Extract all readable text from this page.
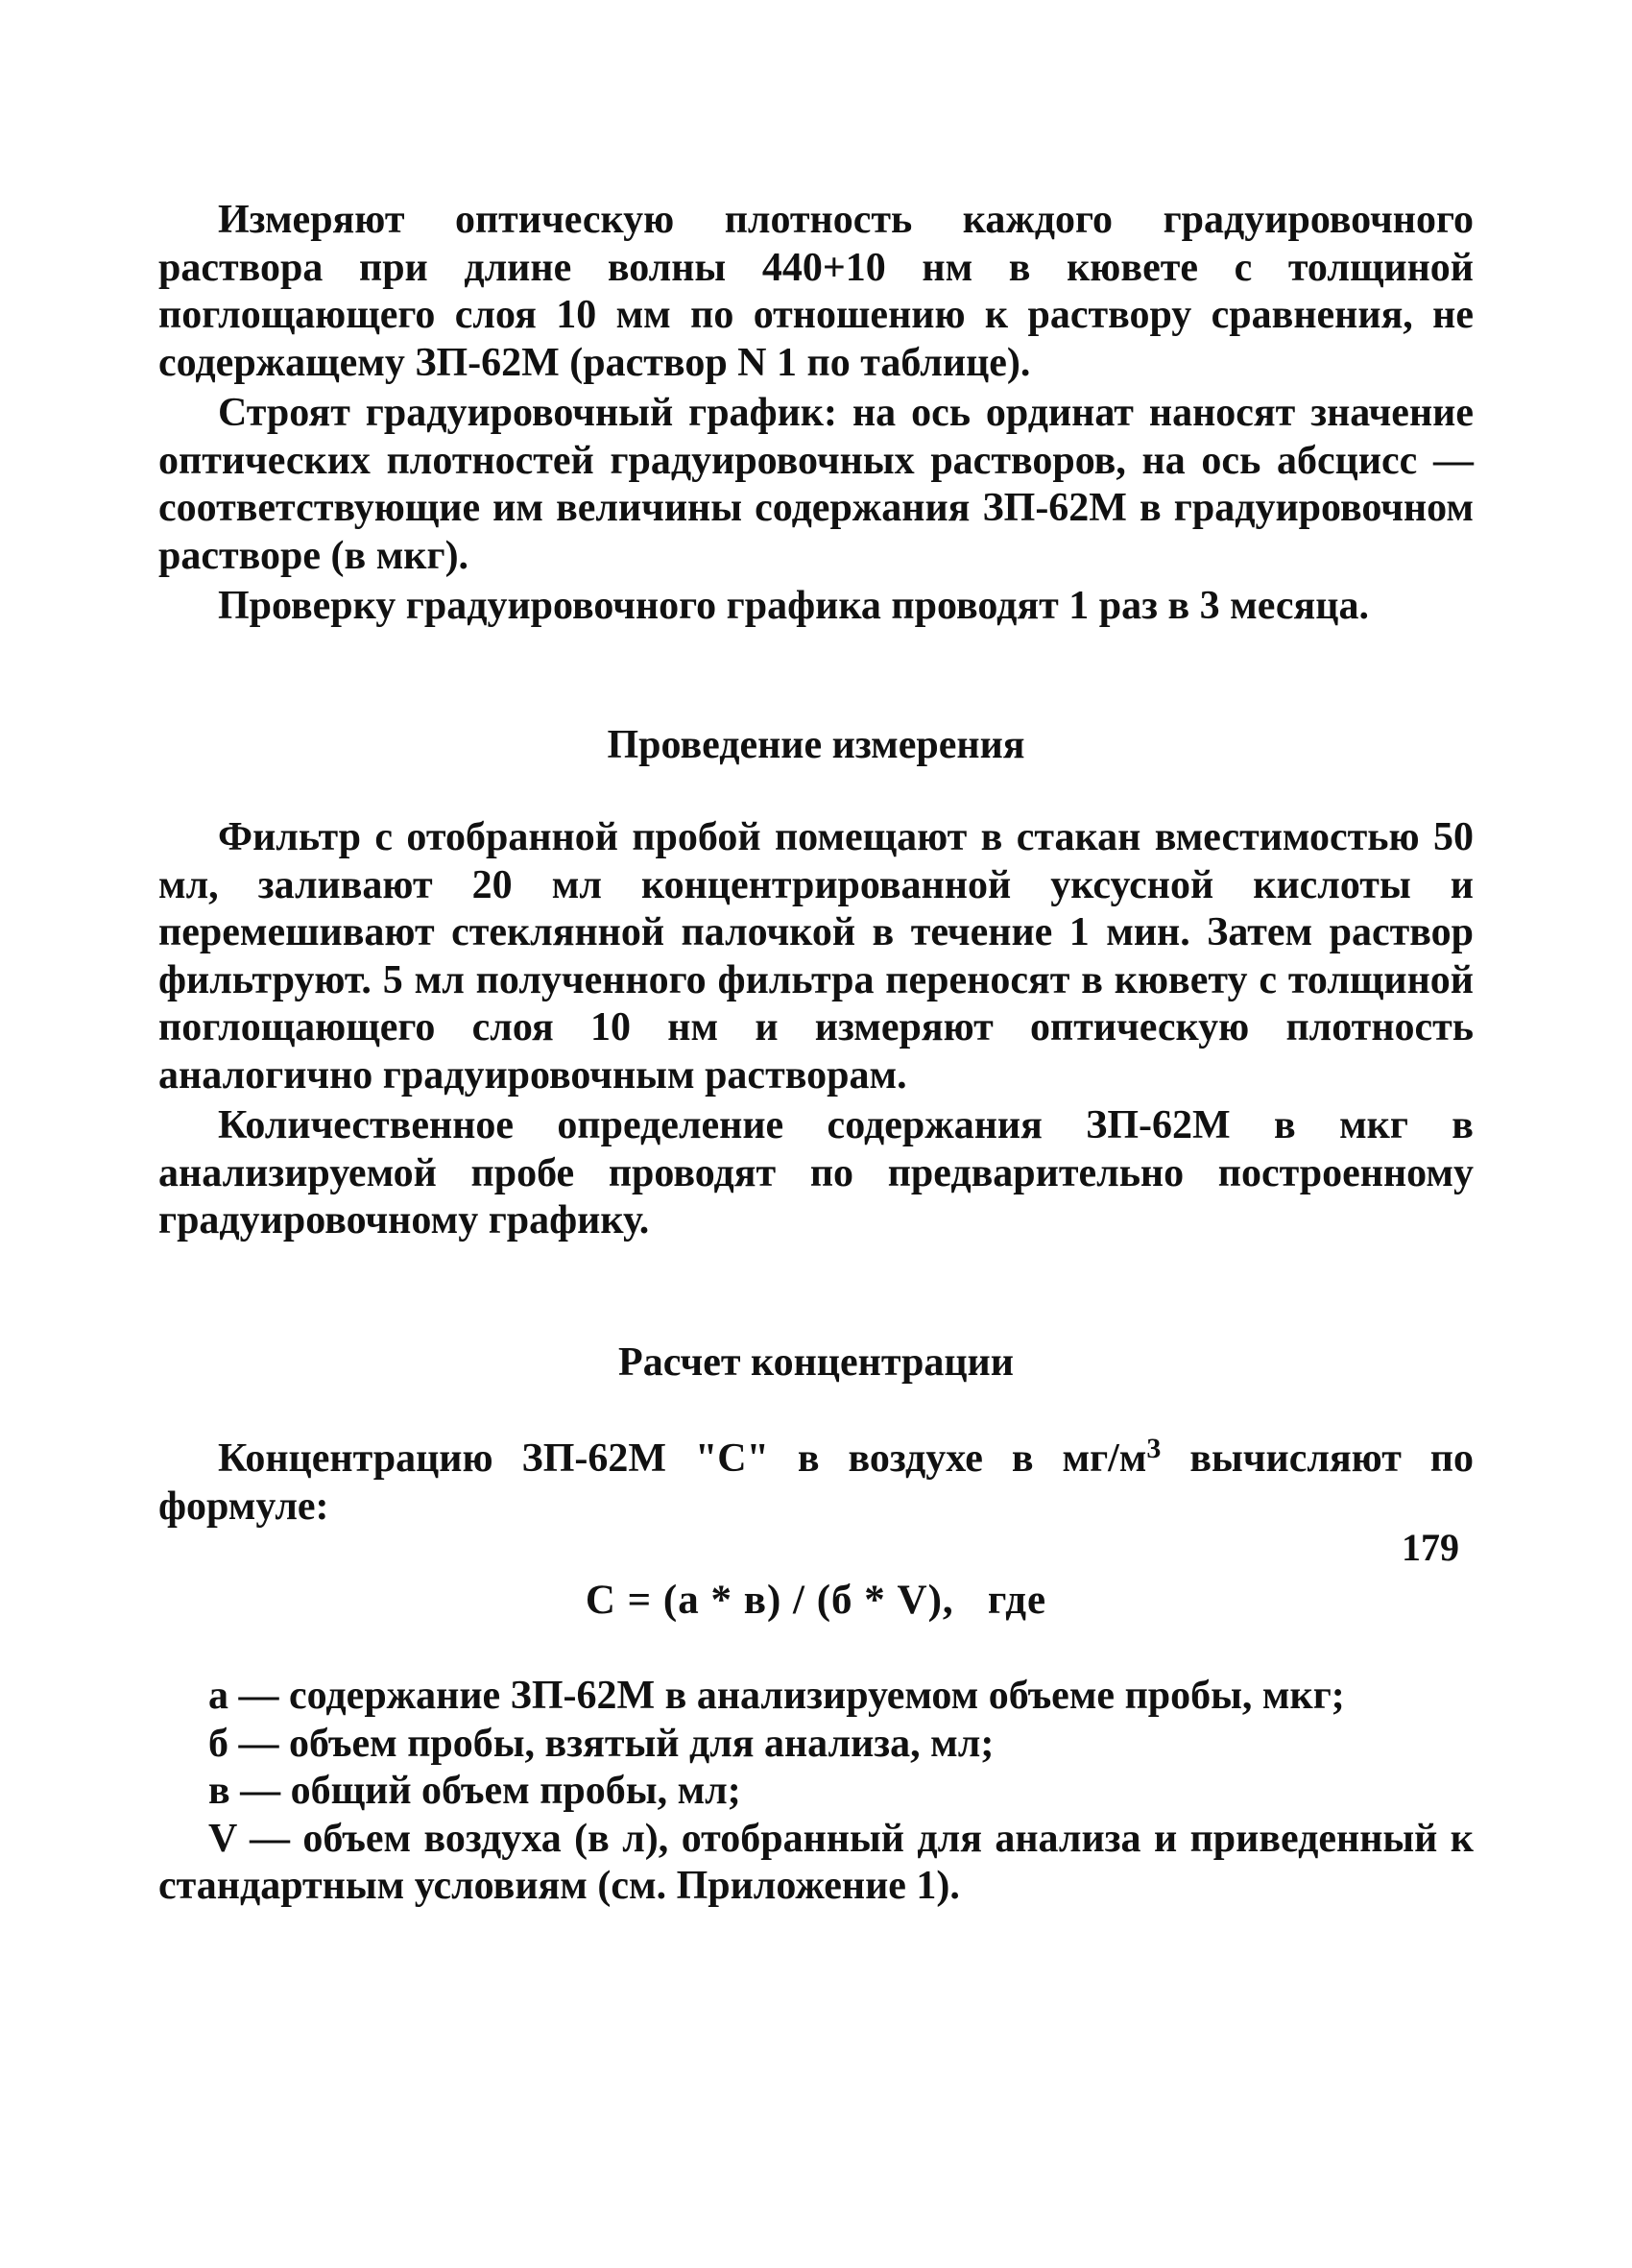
Измеряют оптическую плотность каждого градуировочного раствора при длине волны 440+10 нм в кювете с толщиной поглощающего слоя 10 мм по отношению к раствору сравнения, не содержащему ЗП-62М (раствор N 1 по таблице).

Строят градуировочный график: на ось ординат наносят значение оптических плотностей градуировочных растворов, на ось абсцисс — соответствующие им величины содержания ЗП-62М в градуировочном растворе (в мкг).

Проверку градуировочного графика проводят 1 раз в 3 месяца.

Проведение измерения

Фильтр с отобранной пробой помещают в стакан вместимостью 50 мл, заливают 20 мл концентрированной уксусной кислоты и перемешивают стеклянной палочкой в течение 1 мин. Затем раствор фильтруют. 5 мл полученного фильтра переносят в кювету с толщиной поглощающего слоя 10 нм и измеряют оптическую плотность аналогично градуировочным растворам.

Количественное определение содержания ЗП-62М в мкг в анализируемой пробе проводят по предварительно построенному градуировочному графику.

Расчет концентрации

Концентрацию ЗП-62М "С" в воздухе в $мг/м^3$ вычисляют по формуле:

С = (а * в) / (б * V),   где

а — содержание ЗП-62М в анализируемом объеме пробы, мкг;

б — объем пробы, взятый для анализа, мл;

в — общий объем пробы, мл;

V — объем воздуха (в л), отобранный для анализа и приведенный к стандартным условиям (см. Приложение 1).

179
